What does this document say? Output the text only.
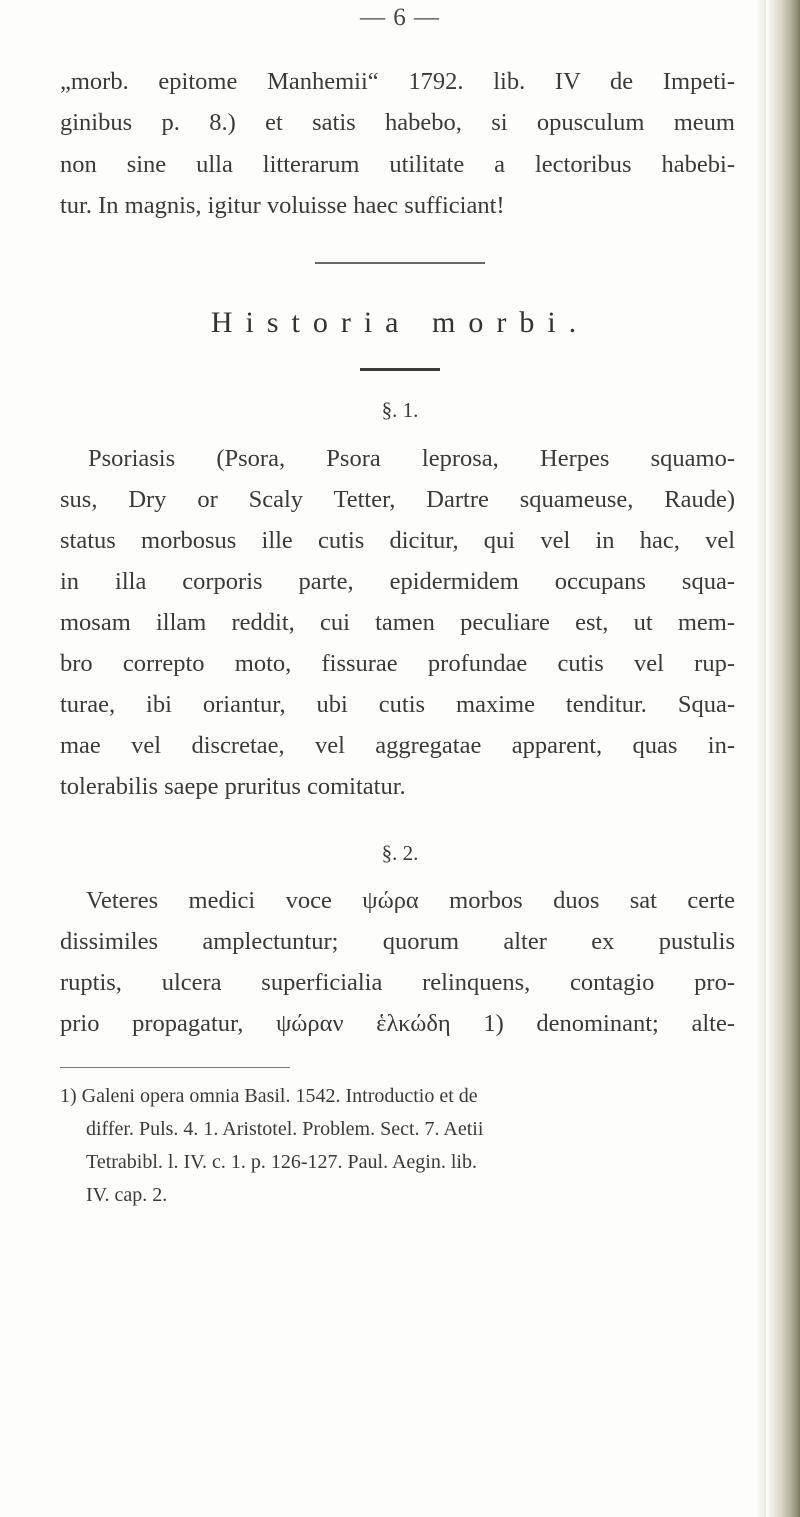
— 6 —
„morb. epitome Manhemii“ 1792. lib. IV de Impeti-
ginibus p. 8.) et satis habebo, si opusculum meum
non sine ulla litterarum utilitate a lectoribus habebi-
tur. In magnis, igitur voluisse haec sufficiant!
Historia morbi.
§. 1.
Psoriasis (Psora, Psora leprosa, Herpes squamo-
sus, Dry or Scaly Tetter, Dartre squameuse, Raude)
status morbosus ille cutis dicitur, qui vel in hac, vel
in illa corporis parte, epidermidem occupans squa-
mosam illam reddit, cui tamen peculiare est, ut mem-
bro correpto moto, fissurae profundae cutis vel rup-
turae, ibi oriantur, ubi cutis maxime tenditur. Squa-
mae vel discretae, vel aggregatae apparent, quas in-
tolerabilis saepe pruritus comitatur.
§. 2.
Veteres medici voce ψώρα morbos duos sat certe
dissimiles amplectuntur; quorum alter ex pustulis
ruptis, ulcera superficialia relinquens, contagio pro-
prio propagatur, ψώραν ἑλκώδη 1) denominant; alte-
1) Galeni opera omnia Basil. 1542. Introductio et de
differ. Puls. 4. 1. Aristotel. Problem. Sect. 7. Aetii
Tetrabibl. l. IV. c. 1. p. 126-127. Paul. Aegin. lib.
IV. cap. 2.
